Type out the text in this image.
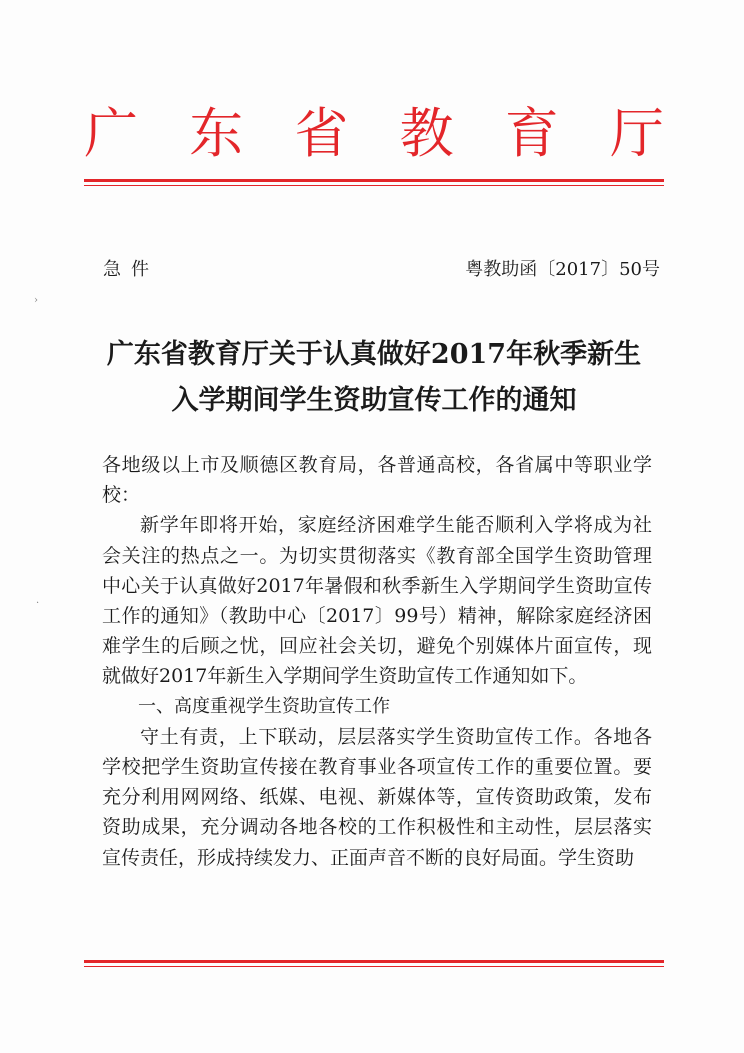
广 东 省 教 育 厅
急件	粤教助函〔2017〕50号
广东省教育厅关于认真做好2017年秋季新生
入学期间学生资助宣传工作的通知

各地级以上市及顺德区教育局，各普通高校，各省属中等职业学校：

新学年即将开始，家庭经济困难学生能否顺利入学将成为社会关注的热点之一。为切实贯彻落实《教育部全国学生资助管理中心关于认真做好2017年暑假和秋季新生入学期间学生资助宣传工作的通知》（教助中心〔2017〕99号）精神，解除家庭经济困难学生的后顾之忧，回应社会关切，避免个别媒体片面宣传，现就做好2017年新生入学期间学生资助宣传工作通知如下。

一、高度重视学生资助宣传工作

守土有责，上下联动，层层落实学生资助宣传工作。各地各学校把学生资助宣传接在教育事业各项宣传工作的重要位置。要充分利用网网络、纸媒、电视、新媒体等，宣传资助政策，发布资助成果，充分调动各地各校的工作积极性和主动性，层层落实宣传责任，形成持续发力、正面声音不断的良好局面。学生资助

›
·
